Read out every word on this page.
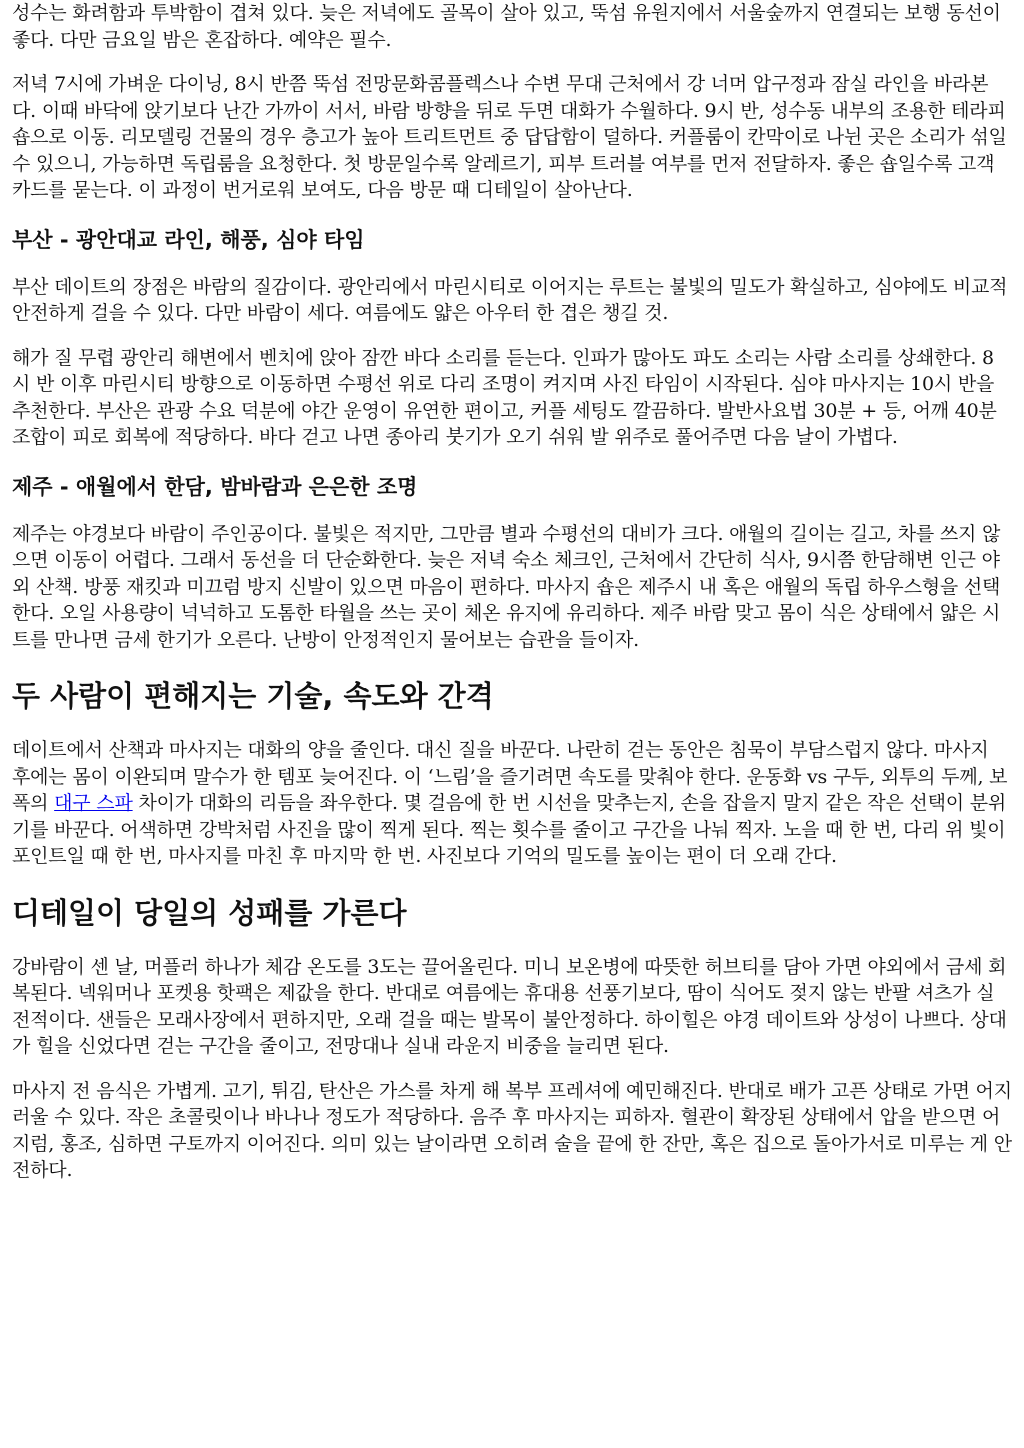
성수는 화려함과 투박함이 겹쳐 있다. 늦은 저녁에도 골목이 살아 있고, 뚝섬 유원지에서 서울숲까지 연결되는 보행 동선이 좋다. 다만 금요일 밤은 혼잡하다. 예약은 필수.

저녁 7시에 가벼운 다이닝, 8시 반쯤 뚝섬 전망문화콤플렉스나 수변 무대 근처에서 강 너머 압구정과 잠실 라인을 바라본다. 이때 바닥에 앉기보다 난간 가까이 서서, 바람 방향을 뒤로 두면 대화가 수월하다. 9시 반, 성수동 내부의 조용한 테라피 숍으로 이동. 리모델링 건물의 경우 층고가 높아 트리트먼트 중 답답함이 덜하다. 커플룸이 칸막이로 나뉜 곳은 소리가 섞일 수 있으니, 가능하면 독립룸을 요청한다. 첫 방문일수록 알레르기, 피부 트러블 여부를 먼저 전달하자. 좋은 숍일수록 고객카드를 묻는다. 이 과정이 번거로워 보여도, 다음 방문 때 디테일이 살아난다.

부산 - 광안대교 라인, 해풍, 심야 타임

부산 데이트의 장점은 바람의 질감이다. 광안리에서 마린시티로 이어지는 루트는 불빛의 밀도가 확실하고, 심야에도 비교적 안전하게 걸을 수 있다. 다만 바람이 세다. 여름에도 얇은 아우터 한 겹은 챙길 것.

해가 질 무렵 광안리 해변에서 벤치에 앉아 잠깐 바다 소리를 듣는다. 인파가 많아도 파도 소리는 사람 소리를 상쇄한다. 8시 반 이후 마린시티 방향으로 이동하면 수평선 위로 다리 조명이 켜지며 사진 타임이 시작된다. 심야 마사지는 10시 반을 추천한다. 부산은 관광 수요 덕분에 야간 운영이 유연한 편이고, 커플 세팅도 깔끔하다. 발반사요법 30분 + 등, 어깨 40분 조합이 피로 회복에 적당하다. 바다 걷고 나면 종아리 붓기가 오기 쉬워 발 위주로 풀어주면 다음 날이 가볍다.

제주 - 애월에서 한담, 밤바람과 은은한 조명

제주는 야경보다 바람이 주인공이다. 불빛은 적지만, 그만큼 별과 수평선의 대비가 크다. 애월의 길이는 길고, 차를 쓰지 않으면 이동이 어렵다. 그래서 동선을 더 단순화한다. 늦은 저녁 숙소 체크인, 근처에서 간단히 식사, 9시쯤 한담해변 인근 야외 산책. 방풍 재킷과 미끄럼 방지 신발이 있으면 마음이 편하다. 마사지 숍은 제주시 내 혹은 애월의 독립 하우스형을 선택한다. 오일 사용량이 넉넉하고 도톰한 타월을 쓰는 곳이 체온 유지에 유리하다. 제주 바람 맞고 몸이 식은 상태에서 얇은 시트를 만나면 금세 한기가 오른다. 난방이 안정적인지 물어보는 습관을 들이자.

두 사람이 편해지는 기술, 속도와 간격

데이트에서 산책과 마사지는 대화의 양을 줄인다. 대신 질을 바꾼다. 나란히 걷는 동안은 침묵이 부담스럽지 않다. 마사지 후에는 몸이 이완되며 말수가 한 템포 늦어진다. 이 ‘느림’을 즐기려면 속도를 맞춰야 한다. 운동화 vs 구두, 외투의 두께, 보폭의 대구 스파 차이가 대화의 리듬을 좌우한다. 몇 걸음에 한 번 시선을 맞추는지, 손을 잡을지 말지 같은 작은 선택이 분위기를 바꾼다. 어색하면 강박처럼 사진을 많이 찍게 된다. 찍는 횟수를 줄이고 구간을 나눠 찍자. 노을 때 한 번, 다리 위 빛이 포인트일 때 한 번, 마사지를 마친 후 마지막 한 번. 사진보다 기억의 밀도를 높이는 편이 더 오래 간다.

디테일이 당일의 성패를 가른다

강바람이 센 날, 머플러 하나가 체감 온도를 3도는 끌어올린다. 미니 보온병에 따뜻한 허브티를 담아 가면 야외에서 금세 회복된다. 넥워머나 포켓용 핫팩은 제값을 한다. 반대로 여름에는 휴대용 선풍기보다, 땀이 식어도 젖지 않는 반팔 셔츠가 실전적이다. 샌들은 모래사장에서 편하지만, 오래 걸을 때는 발목이 불안정하다. 하이힐은 야경 데이트와 상성이 나쁘다. 상대가 힐을 신었다면 걷는 구간을 줄이고, 전망대나 실내 라운지 비중을 늘리면 된다.

마사지 전 음식은 가볍게. 고기, 튀김, 탄산은 가스를 차게 해 복부 프레셔에 예민해진다. 반대로 배가 고픈 상태로 가면 어지러울 수 있다. 작은 초콜릿이나 바나나 정도가 적당하다. 음주 후 마사지는 피하자. 혈관이 확장된 상태에서 압을 받으면 어지럼, 홍조, 심하면 구토까지 이어진다. 의미 있는 날이라면 오히려 술을 끝에 한 잔만, 혹은 집으로 돌아가서로 미루는 게 안전하다.
